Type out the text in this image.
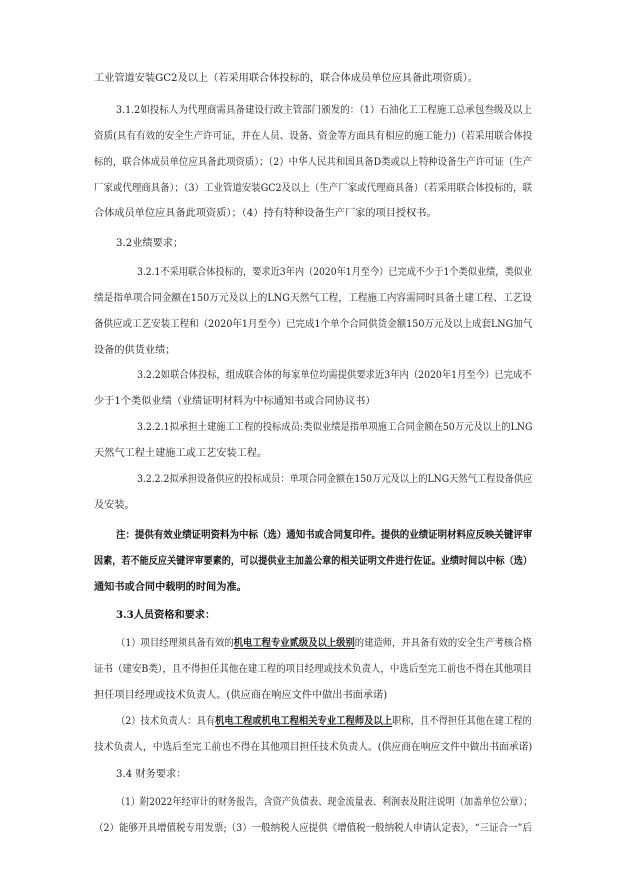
工业管道安装GC2及以上（若采用联合体投标的，联合体成员单位应具备此项资质）。

3.1.2如投标人为代理商需具备建设行政主管部门颁发的：（1）石油化工工程施工总承包叁级及以上

资质(具有有效的安全生产许可证，并在人员、设备、资金等方面具有相应的施工能力)（若采用联合体投

标的，联合体成员单位应具备此项资质）；（2）中华人民共和国具备D类或以上特种设备生产许可证（生产

厂家或代理商具备）；（3）工业管道安装GC2及以上（生产厂家或代理商具备）（若采用联合体投标的，联

合体成员单位应具备此项资质）；（4）持有特种设备生产厂家的项目授权书。

3.2业绩要求；

3.2.1不采用联合体投标的，要求近3年内（2020年1月至今）已完成不少于1个类似业绩，类似业

绩是指单项合同金额在150万元及以上的LNG天然气工程，工程施工内容需同时具备土建工程、工艺设

备供应或工艺安装工程和（2020年1月至今）已完成1个单个合同供货金额150万元及以上成套LNG加气

设备的供货业绩；

3.2.2如联合体投标，组成联合体的每家单位均需提供要求近3年内（2020年1月至今）已完成不

少于1个类似业绩（业绩证明材料为中标通知书或合同协议书）

3.2.2.1拟承担土建施工工程的投标成员:类似业绩是指单项施工合同金额在50万元及以上的LNG

天然气工程土建施工或工艺安装工程。

3.2.2.2拟承担设备供应的投标成员：单项合同金额在150万元及以上的LNG天然气工程设备供应

及安装。

注：提供有效业绩证明资料为中标（选）通知书或合同复印件。提供的业绩证明材料应反映关键评审

因素，若不能反应关键评审要素的，可以提供业主加盖公章的相关证明文件进行佐证。业绩时间以中标（选）

通知书或合同中载明的时间为准。

3.3人员资格和要求：

（1）项目经理须具备有效的机电工程专业贰级及以上级别的建造师，并具备有效的安全生产考核合格

证书（建安B类），且不得担任其他在建工程的项目经理或技术负责人，中选后至完工前也不得在其他项目

担任项目经理或技术负责人。(供应商在响应文件中做出书面承诺)

（2）技术负责人：具有机电工程或机电工程相关专业工程师及以上职称，且不得担任其他在建工程的

技术负责人，中选后至完工前也不得在其他项目担任技术负责人。(供应商在响应文件中做出书面承诺)

3.4 财务要求：

（1）附2022年经审计的财务报告，含资产负债表、现金流量表、利润表及附注说明（加盖单位公章）；

（2）能够开具增值税专用发票;（3）一般纳税人应提供《增值税一般纳税人申请认定表》，“三证合一”后
